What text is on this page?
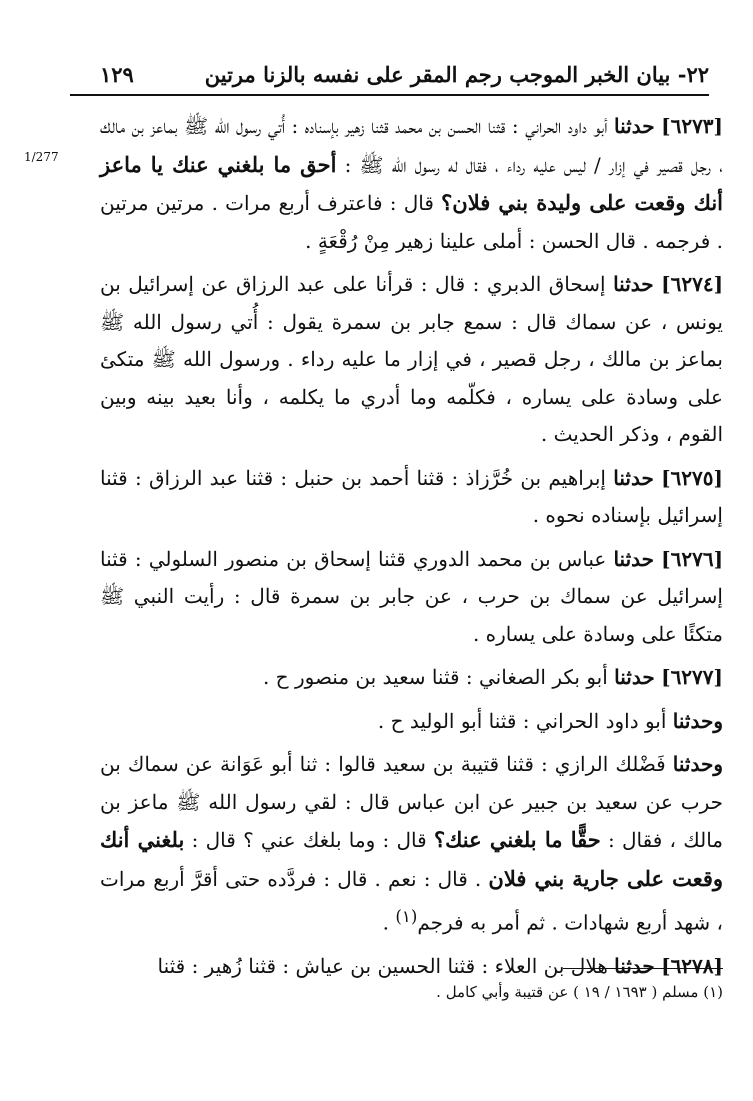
٢٢- بيان الخبر الموجب رجم المقر على نفسه بالزنا مرتين
١٢٩
1/277

[٦٢٧٣] حدثنا أبو داود الحراني : قثنا الحسن بن محمد قثنا زهير بإسناده : أُتي رسول الله ﷺ بماعز بن مالك ، رجل قصير في إزار / ليس عليه رداء ، فقال له رسول الله ﷺ : أحق ما بلغني عنك يا ماعز أنك وقعت على وليدة بني فلان؟ قال : فاعترف أربع مرات . مرتين مرتين . فرجمه . قال الحسن : أملى علينا زهير مِنْ رُقْعَةٍ .

[٦٢٧٤] حدثنا إسحاق الدبري : قال : قرأنا على عبد الرزاق عن إسرائيل بن يونس ، عن سماك قال : سمع جابر بن سمرة يقول : أُتي رسول الله ﷺ بماعز بن مالك ، رجل قصير ، في إزار ما عليه رداء . ورسول الله ﷺ متكئ على وسادة على يساره ، فكلّمه وما أدري ما يكلمه ، وأنا بعيد بينه وبين القوم ، وذكر الحديث .

[٦٢٧٥] حدثنا إبراهيم بن خُرَّزاذ : قثنا أحمد بن حنبل : قثنا عبد الرزاق : قثنا إسرائيل بإسناده نحوه .

[٦٢٧٦] حدثنا عباس بن محمد الدوري قثنا إسحاق بن منصور السلولي : قثنا إسرائيل عن سماك بن حرب ، عن جابر بن سمرة قال : رأيت النبي ﷺ متكئًا على وسادة على يساره .

[٦٢٧٧] حدثنا أبو بكر الصغاني : قثنا سعيد بن منصور ح .

وحدثنا أبو داود الحراني : قثنا أبو الوليد ح .

وحدثنا فَضْلك الرازي : قثنا قتيبة بن سعيد قالوا : ثنا أبو عَوَانة عن سماك بن حرب عن سعيد بن جبير عن ابن عباس قال : لقي رسول الله ﷺ ماعز بن مالك ، فقال : حقًّا ما بلغني عنك؟ قال : وما بلغك عني ؟ قال : بلغني أنك وقعت على جارية بني فلان . قال : نعم . قال : فردَّده حتى أقرَّ أربع مرات ، شهد أربع شهادات . ثم أمر به فرجم$^{(١)}$ .

[٦٢٧٨] حدثنا هلال بن العلاء : قثنا الحسين بن عياش : قثنا زُهير : قثنا

(١) مسلم ( ١٦٩٣ / ١٩ ) عن قتيبة وأبي كامل .
